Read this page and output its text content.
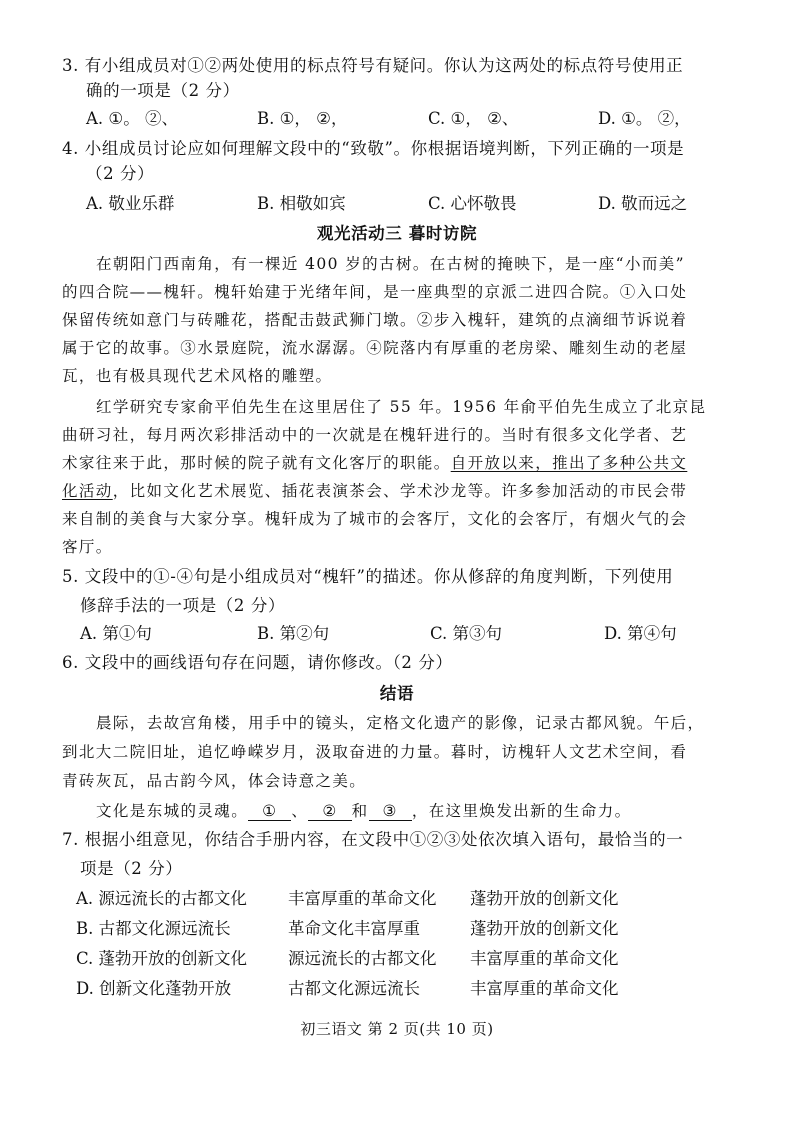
3. 有小组成员对①②两处使用的标点符号有疑问。你认为这两处的标点符号使用正
确的一项是（2 分）
A. ①。 ②、	B. ①， ②，	C. ①， ②、	D. ①。 ②，
4. 小组成员讨论应如何理解文段中的“致敬”。你根据语境判断，下列正确的一项是
（2 分）
A. 敬业乐群	B. 相敬如宾	C. 心怀敬畏	D. 敬而远之
观光活动三 暮时访院
在朝阳门西南角，有一棵近 400 岁的古树。在古树的掩映下，是一座“小而美”
的四合院——槐轩。槐轩始建于光绪年间，是一座典型的京派二进四合院。①入口处
保留传统如意门与砖雕花，搭配击鼓武狮门墩。②步入槐轩，建筑的点滴细节诉说着
属于它的故事。③水景庭院，流水潺潺。④院落内有厚重的老房梁、雕刻生动的老屋
瓦，也有极具现代艺术风格的雕塑。
红学研究专家俞平伯先生在这里居住了 55 年。1956 年俞平伯先生成立了北京昆
曲研习社，每月两次彩排活动中的一次就是在槐轩进行的。当时有很多文化学者、艺
术家往来于此，那时候的院子就有文化客厅的职能。自开放以来，推出了多种公共文
化活动，比如文化艺术展览、插花表演茶会、学术沙龙等。许多参加活动的市民会带
来自制的美食与大家分享。槐轩成为了城市的会客厅，文化的会客厅，有烟火气的会
客厅。
5. 文段中的①-④句是小组成员对“槐轩”的描述。你从修辞的角度判断，下列使用
修辞手法的一项是（2 分）
A. 第①句	B. 第②句	C. 第③句	D. 第④句
6. 文段中的画线语句存在问题，请你修改。（2 分）
结语
晨际，去故宫角楼，用手中的镜头，定格文化遗产的影像，记录古都风貌。午后，
到北大二院旧址，追忆峥嵘岁月，汲取奋进的力量。暮时，访槐轩人文艺术空间，看
青砖灰瓦，品古韵今风，体会诗意之美。
文化是东城的灵魂。 ① 、 ② 和 ③ ，在这里焕发出新的生命力。
7. 根据小组意见，你结合手册内容，在文段中①②③处依次填入语句，最恰当的一
项是（2 分）
A. 源远流长的古都文化 丰富厚重的革命文化 蓬勃开放的创新文化
B. 古都文化源远流长	革命文化丰富厚重	蓬勃开放的创新文化
C. 蓬勃开放的创新文化 源远流长的古都文化 丰富厚重的革命文化
D. 创新文化蓬勃开放	古都文化源远流长	丰富厚重的革命文化
初三语文 第 2 页(共 10 页)
